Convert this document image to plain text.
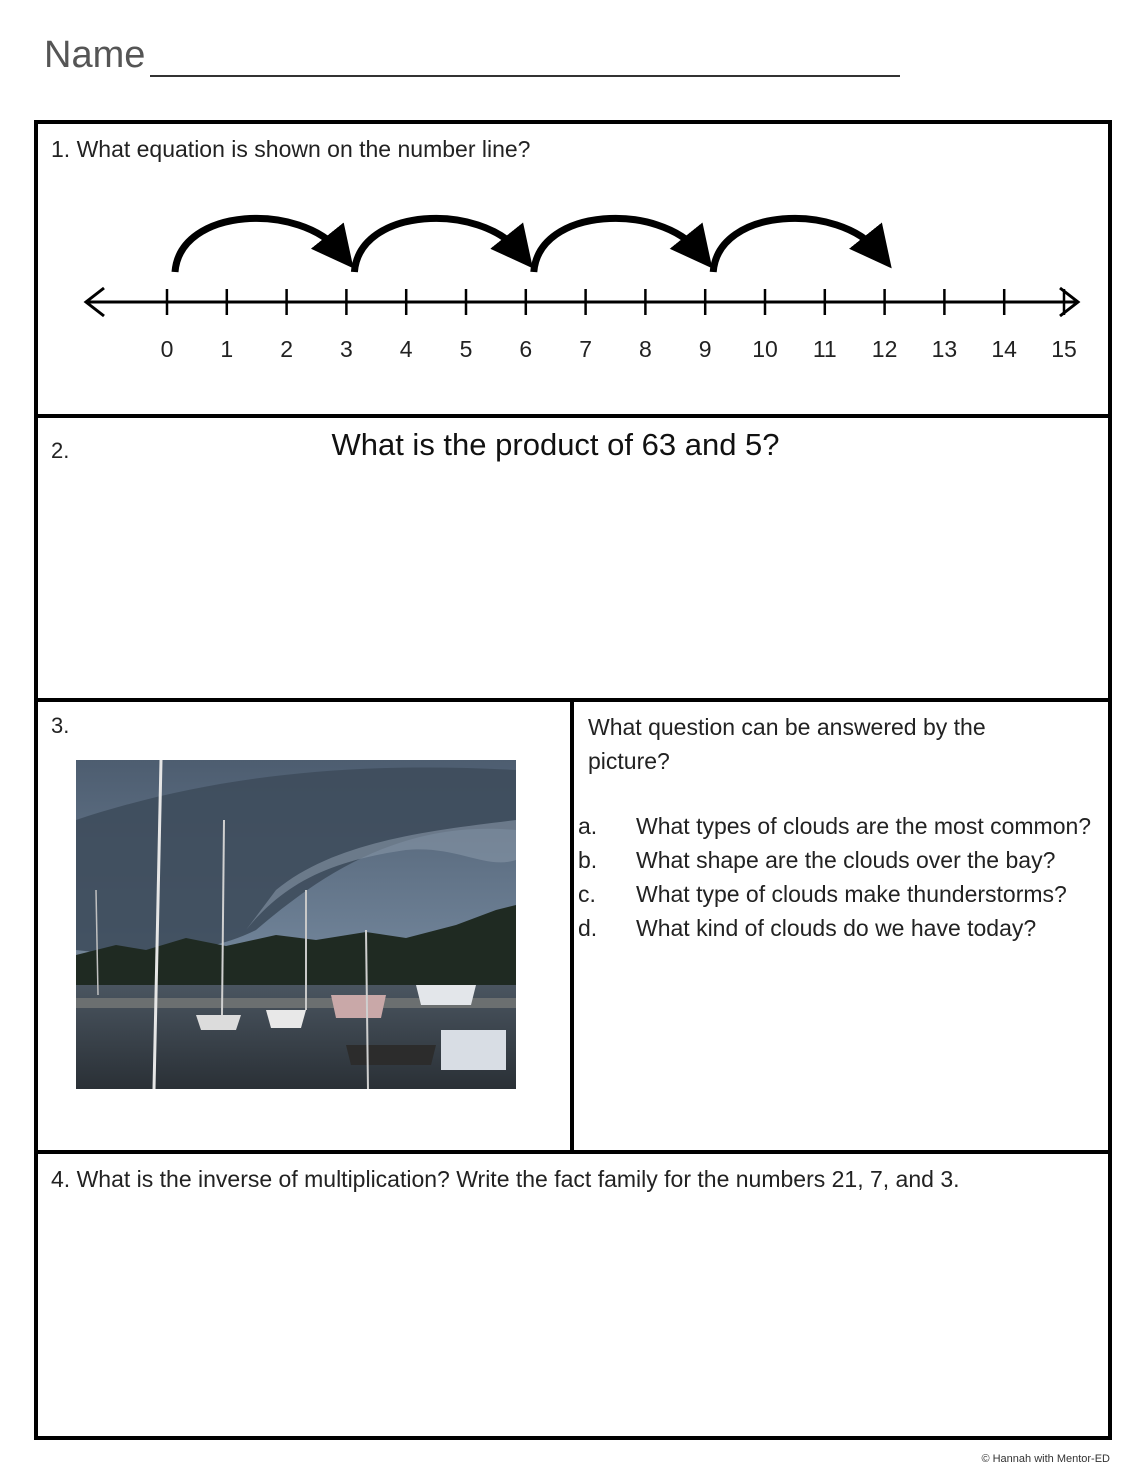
Name
1. What equation is shown on the number line?
0 1 2 3 4 5 6 7 8 9 10 11 12 13 14 15
2.	What is the product of 63 and 5?
3.	What question can be answered by the picture?
a. What types of clouds are the most common?
b. What shape are the clouds over the bay?
c. What type of clouds make thunderstorms?
d. What kind of clouds do we have today?
4. What is the inverse of multiplication? Write the fact family for the numbers 21, 7, and 3.
© Hannah with Mentor-ED
